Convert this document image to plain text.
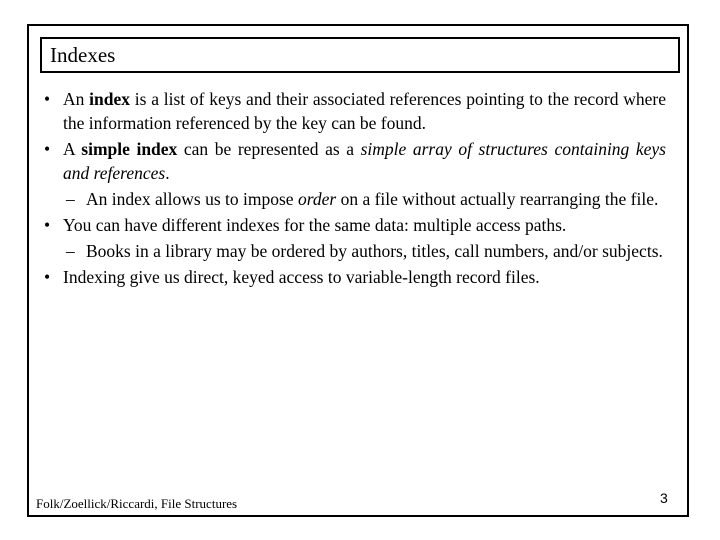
Indexes
• An index is a list of keys and their associated references pointing to the record where the information referenced by the key can be found.
• A simple index can be represented as a simple array of structures containing keys and references.
– An index allows us to impose order on a file without actually rearranging the file.
• You can have different indexes for the same data: multiple access paths.
– Books in a library may be ordered by authors, titles, call numbers, and/or subjects.
• Indexing give us direct, keyed access to variable-length record files.
Folk/Zoellick/Riccardi, File Structures	3
